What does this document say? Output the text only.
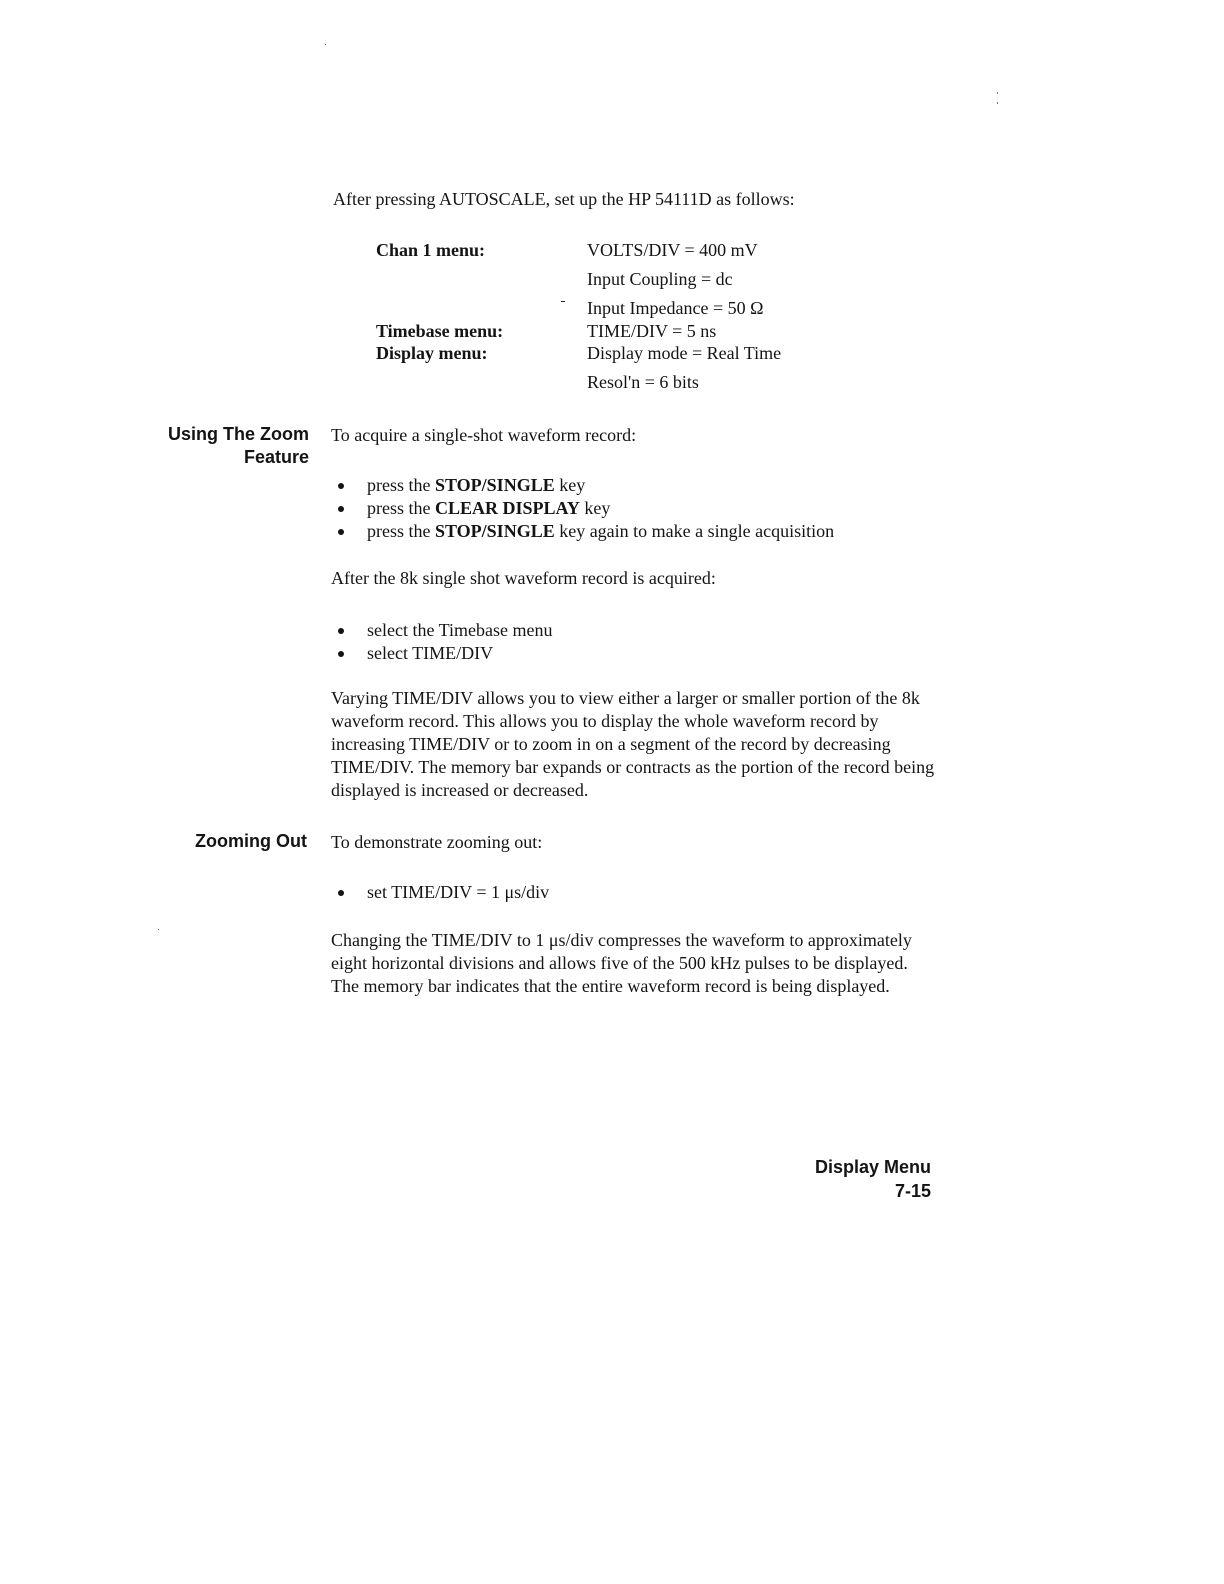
After pressing AUTOSCALE, set up the HP 54111D as follows:
Chan 1 menu:	VOLTS/DIV = 400 mV
Input Coupling = dc
Input Impedance = 50 Ω
Timebase menu:	TIME/DIV = 5 ns
Display menu:	Display mode = Real Time
Resol'n = 6 bits
Using The Zoom
Feature
To acquire a single-shot waveform record:
press the STOP/SINGLE key
press the CLEAR DISPLAY key
press the STOP/SINGLE key again to make a single acquisition
After the 8k single shot waveform record is acquired:
select the Timebase menu
select TIME/DIV
Varying TIME/DIV allows you to view either a larger or smaller portion of the 8k waveform record. This allows you to display the whole waveform record by increasing TIME/DIV or to zoom in on a segment of the record by decreasing TIME/DIV. The memory bar expands or contracts as the portion of the record being displayed is increased or decreased.
Zooming Out To demonstrate zooming out:
set TIME/DIV = 1 μs/div
Changing the TIME/DIV to 1 μs/div compresses the waveform to approximately eight horizontal divisions and allows five of the 500 kHz pulses to be displayed. The memory bar indicates that the entire waveform record is being displayed.
Display Menu
7-15
